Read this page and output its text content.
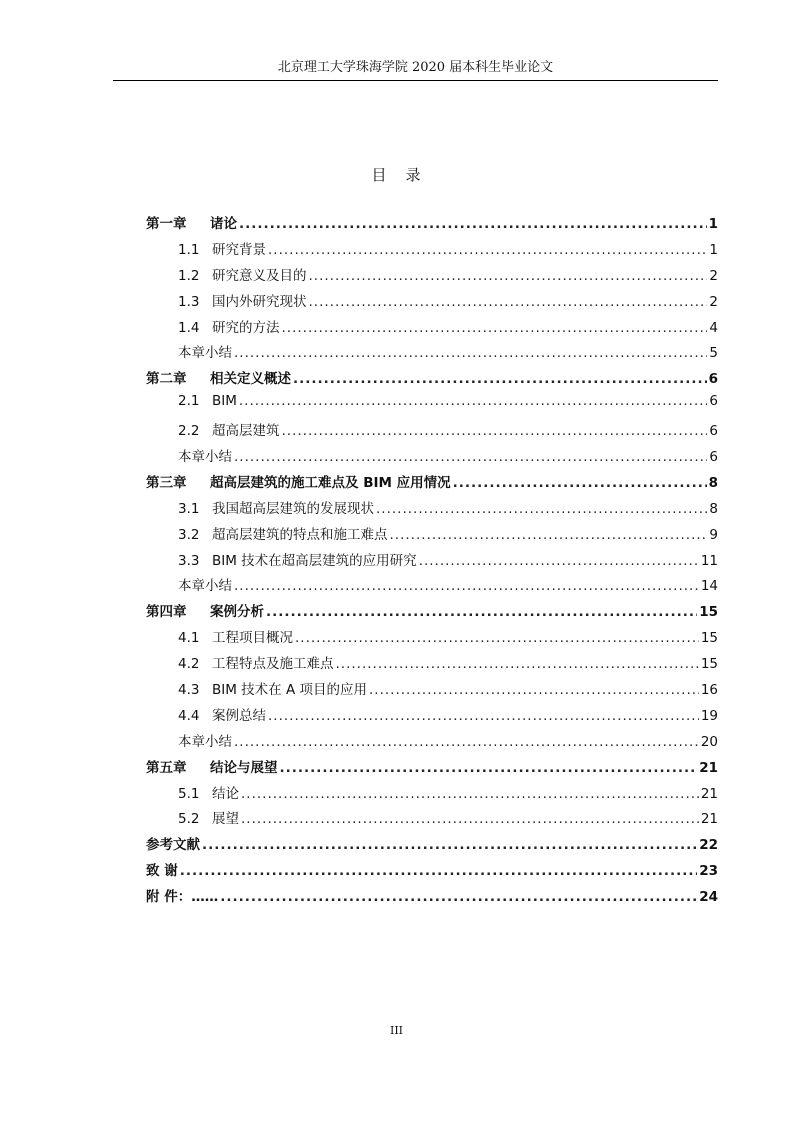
北京理工大学珠海学院 2020 届本科生毕业论文
目 录
第一章	诸论 .....	1
1.1 研究背景 .....	1
1.2 研究意义及目的 .....	2
1.3 国内外研究现状 .....	2
1.4 研究的方法 .....	4
本章小结 .....	5
第二章	相关定义概述 .....	6
2.1 BIM .....	6
2.2 超高层建筑 .....	6
本章小结 .....	6
第三章	超高层建筑的施工难点及 BIM 应用情况 .....	8
3.1 我国超高层建筑的发展现状 .....	8
3.2 超高层建筑的特点和施工难点 .....	9
3.3 BIM 技术在超高层建筑的应用研究 .....	11
本章小结 .....	14
第四章	案例分析 .....	15
4.1 工程项目概况 .....	15
4.2 工程特点及施工难点 .....	15
4.3 BIM 技术在 A 项目的应用 .....	16
4.4 案例总结 .....	19
本章小结 .....	20
第五章	结论与展望 .....	21
5.1 结论 .....	21
5.2 展望 .....	21
参考文献 .....	22
致 谢 .....	23
附 件：…… .....	24
III
